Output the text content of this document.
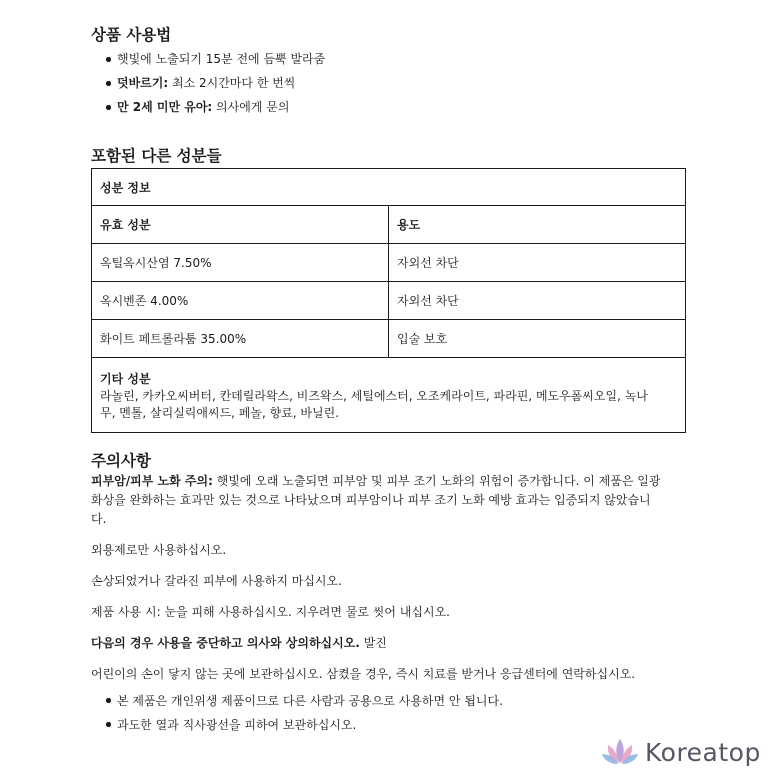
상품 사용법
햇빛에 노출되기 15분 전에 듬뿍 발라줌
덧바르기: 최소 2시간마다 한 번씩
만 2세 미만 유아: 의사에게 문의
포함된 다른 성분들
성분 정보	
유효 성분	용도
옥틸옥시산염 7.50%	자외선 차단
옥시벤존 4.00%	자외선 차단
화이트 페트롤라툼 35.00%	입술 보호

기타 성분
라놀린, 카카오씨버터, 칸데릴라왁스, 비즈왁스, 세틸에스터, 오조케라이트, 파라핀, 메도우폼씨오일, 녹나
무, 멘톨, 살리실릭애씨드, 페놀, 향료, 바닐린.	
주의사항

피부암/피부 노화 주의: 햇빛에 오래 노출되면 피부암 및 피부 조기 노화의 위험이 증가합니다. 이 제품은 일광
화상을 완화하는 효과만 있는 것으로 나타났으며 피부암이나 피부 조기 노화 예방 효과는 입증되지 않았습니
다.

외용제로만 사용하십시오.

손상되었거나 갈라진 피부에 사용하지 마십시오.

제품 사용 시: 눈을 피해 사용하십시오. 지우려면 물로 씻어 내십시오.

다음의 경우 사용을 중단하고 의사와 상의하십시오. 발진

어린이의 손이 닿지 않는 곳에 보관하십시오. 삼켰을 경우, 즉시 치료를 받거나 응급센터에 연락하십시오.

본 제품은 개인위생 제품이므로 다른 사람과 공용으로 사용하면 안 됩니다.
과도한 열과 직사광선을 피하여 보관하십시오.
Koreatop
